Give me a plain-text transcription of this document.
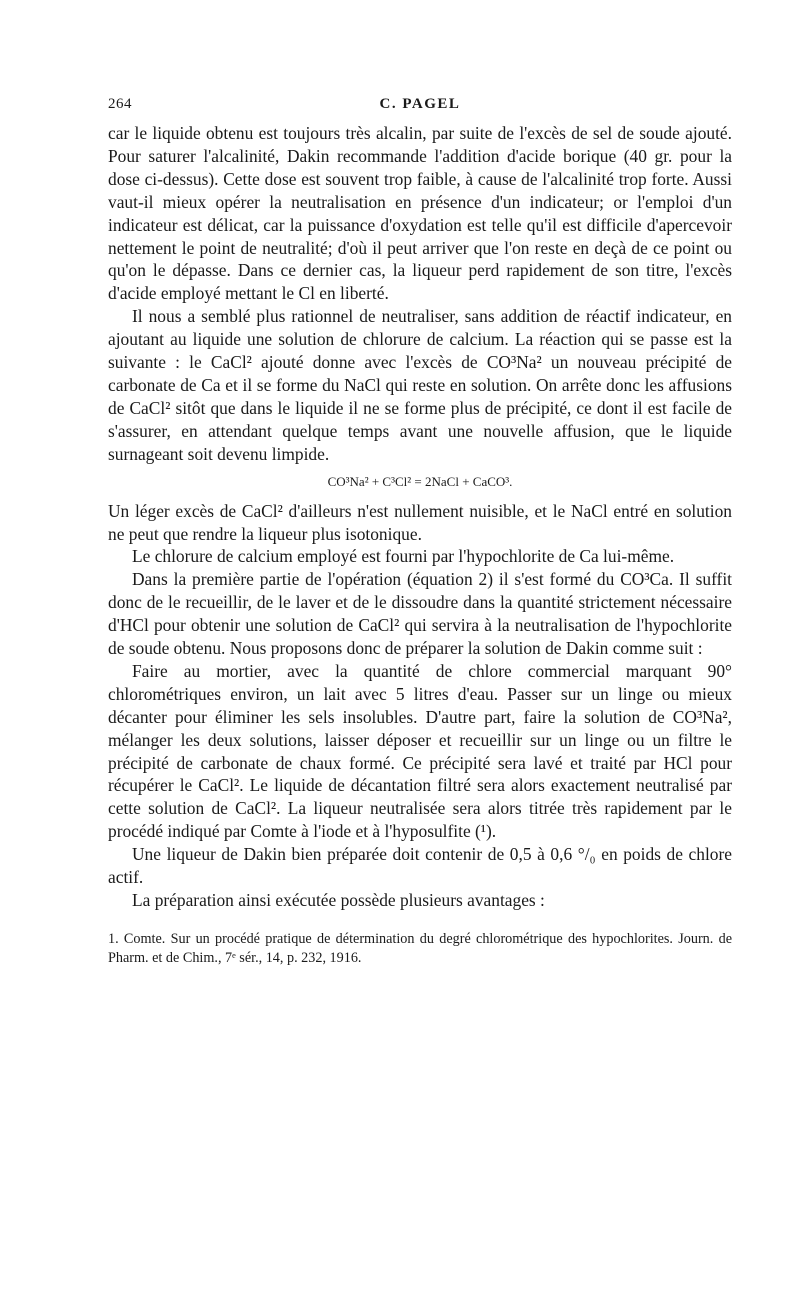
264	C. PAGEL

car le liquide obtenu est toujours très alcalin, par suite de l'excès de sel de soude ajouté. Pour saturer l'alcalinité, Dakin recommande l'addition d'acide borique (40 gr. pour la dose ci-dessus). Cette dose est souvent trop faible, à cause de l'alcalinité trop forte. Aussi vaut-il mieux opérer la neutralisation en présence d'un indicateur; or l'emploi d'un indicateur est délicat, car la puissance d'oxydation est telle qu'il est difficile d'apercevoir nettement le point de neutralité; d'où il peut arriver que l'on reste en deçà de ce point ou qu'on le dépasse. Dans ce dernier cas, la liqueur perd rapidement de son titre, l'excès d'acide employé mettant le Cl en liberté.

Il nous a semblé plus rationnel de neutraliser, sans addition de réactif indicateur, en ajoutant au liquide une solution de chlorure de calcium. La réaction qui se passe est la suivante : le CaCl² ajouté donne avec l'excès de CO³Na² un nouveau précipité de carbonate de Ca et il se forme du NaCl qui reste en solution. On arrête donc les affusions de CaCl² sitôt que dans le liquide il ne se forme plus de précipité, ce dont il est facile de s'assurer, en attendant quelque temps avant une nouvelle affusion, que le liquide surnageant soit devenu limpide.

CO³Na² + C³Cl² = 2NaCl + CaCO³.

Un léger excès de CaCl² d'ailleurs n'est nullement nuisible, et le NaCl entré en solution ne peut que rendre la liqueur plus isotonique.

Le chlorure de calcium employé est fourni par l'hypochlorite de Ca lui-même.

Dans la première partie de l'opération (équation 2) il s'est formé du CO³Ca. Il suffit donc de le recueillir, de le laver et de le dissoudre dans la quantité strictement nécessaire d'HCl pour obtenir une solution de CaCl² qui servira à la neutralisation de l'hypochlorite de soude obtenu. Nous proposons donc de préparer la solution de Dakin comme suit :

Faire au mortier, avec la quantité de chlore commercial marquant 90° chlorométriques environ, un lait avec 5 litres d'eau. Passer sur un linge ou mieux décanter pour éliminer les sels insolubles. D'autre part, faire la solution de CO³Na², mélanger les deux solutions, laisser déposer et recueillir sur un linge ou un filtre le précipité de carbonate de chaux formé. Ce précipité sera lavé et traité par HCl pour récupérer le CaCl². Le liquide de décantation filtré sera alors exactement neutralisé par cette solution de CaCl². La liqueur neutralisée sera alors titrée très rapidement par le procédé indiqué par Comte à l'iode et à l'hyposulfite (¹).

Une liqueur de Dakin bien préparée doit contenir de 0,5 à 0,6 °/₀ en poids de chlore actif.

La préparation ainsi exécutée possède plusieurs avantages :

1. Comte. Sur un procédé pratique de détermination du degré chlorométrique des hypochlorites. Journ. de Pharm. et de Chim., 7ᵉ sér., 14, p. 232, 1916.
